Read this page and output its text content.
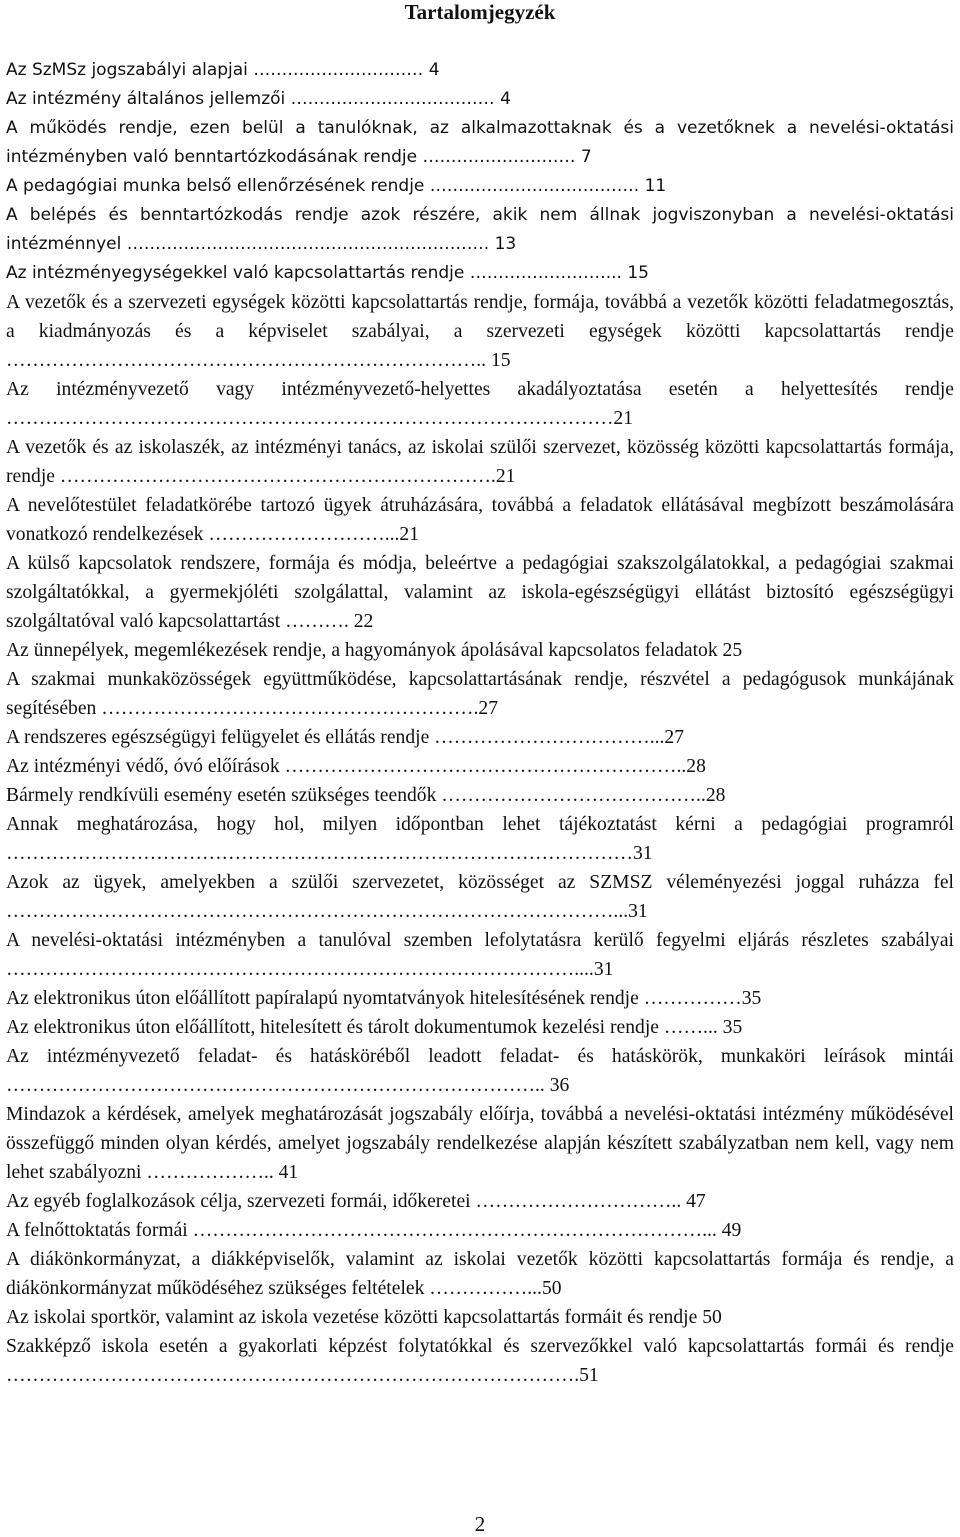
Tartalomjegyzék
Az SzMSz jogszabályi alapjai ………………………… 4
Az intézmény általános jellemzői ……………………………… 4
A működés rendje, ezen belül a tanulóknak, az alkalmazottaknak és a vezetőknek a nevelési-oktatási intézményben való benntartózkodásának rendje ……………………… 7
A pedagógiai munka belső ellenőrzésének rendje ………………………………. 11
A belépés és benntartózkodás rendje azok részére, akik nem állnak jogviszonyban a nevelési-oktatási intézménnyel ………………………………………………………. 13
Az intézményegységekkel való kapcsolattartás rendje ……………………... 15
A vezetők és a szervezeti egységek közötti kapcsolattartás rendje, formája, továbbá a vezetők közötti feladatmegosztás, a kiadmányozás és a képviselet szabályai, a szervezeti egységek közötti kapcsolattartás rendje ……………………………………………………………….. 15
Az intézményvezető vagy intézményvezető-helyettes akadályoztatása esetén a helyettesítés rendje …………………………………………………………………………………21
A vezetők és az iskolaszék, az intézményi tanács, az iskolai szülői szervezet, közösség közötti kapcsolattartás formája, rendje ………………………………………………………….21
A nevelőtestület feladatkörébe tartozó ügyek átruházására, továbbá a feladatok ellátásával megbízott beszámolására vonatkozó rendelkezések ………………………...21
A külső kapcsolatok rendszere, formája és módja, beleértve a pedagógiai szakszolgálatokkal, a pedagógiai szakmai szolgáltatókkal, a gyermekjóléti szolgálattal, valamint az iskola-egészségügyi ellátást biztosító egészségügyi szolgáltatóval való kapcsolattartást ………. 22
Az ünnepélyek, megemlékezések rendje, a hagyományok ápolásával kapcsolatos feladatok 25
A szakmai munkaközösségek együttműködése, kapcsolattartásának rendje, részvétel a pedagógusok munkájának segítésében ………………………………………………….27
A rendszeres egészségügyi felügyelet és ellátás rendje ……………………………...27
Az intézményi védő, óvó előírások ……………………………………………………..28
Bármely rendkívüli esemény esetén szükséges teendők …………………………………..28
Annak meghatározása, hogy hol, milyen időpontban lehet tájékoztatást kérni a pedagógiai programról ……………………………………………………………………………………31
Azok az ügyek, amelyekben a szülői szervezetet, közösséget az SZMSZ véleményezési joggal ruházza fel …………………………………………………………………………………...31
A nevelési-oktatási intézményben a tanulóval szemben lefolytatásra kerülő fegyelmi eljárás részletes szabályai ……………………………………………………………………………....31
Az elektronikus úton előállított papíralapú nyomtatványok hitelesítésének rendje ……………35
Az elektronikus úton előállított, hitelesített és tárolt dokumentumok kezelési rendje ……... 35
Az intézményvezető feladat- és hatásköréből leadott feladat- és hatáskörök, munkaköri leírások mintái ……………………………………………………………………….. 36
Mindazok a kérdések, amelyek meghatározását jogszabály előírja, továbbá a nevelési-oktatási intézmény működésével összefüggő minden olyan kérdés, amelyet jogszabály rendelkezése alapján készített szabályzatban nem kell, vagy nem lehet szabályozni ……………….. 41
Az egyéb foglalkozások célja, szervezeti formái, időkeretei ………………………….. 47
A felnőttoktatás formái ……………………………………………………………………... 49
A diákönkormányzat, a diákképviselők, valamint az iskolai vezetők közötti kapcsolattartás formája és rendje, a diákönkormányzat működéséhez szükséges feltételek ……………...50
Az iskolai sportkör, valamint az iskola vezetése közötti kapcsolattartás formáit és rendje 50
Szakképző iskola esetén a gyakorlati képzést folytatókkal és szervezőkkel való kapcsolattartás formái és rendje …………………………………………………………………………….51
2
